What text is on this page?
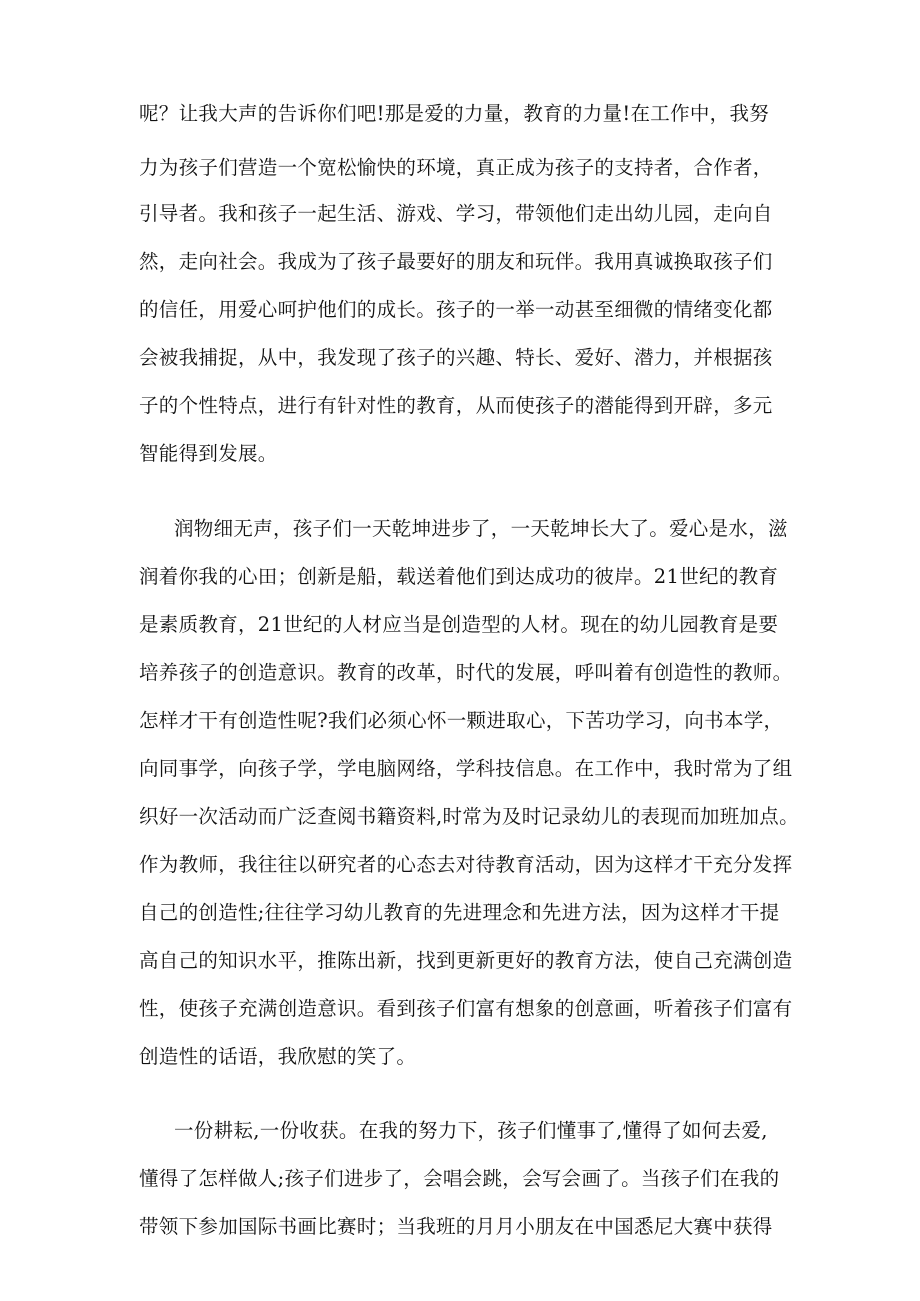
呢？让我大声的告诉你们吧!那是爱的力量，教育的力量!在工作中，我努
力为孩子们营造一个宽松愉快的环境，真正成为孩子的支持者，合作者，
引导者。我和孩子一起生活、游戏、学习，带领他们走出幼儿园，走向自
然，走向社会。我成为了孩子最要好的朋友和玩伴。我用真诚换取孩子们
的信任，用爱心呵护他们的成长。孩子的一举一动甚至细微的情绪变化都
会被我捕捉，从中，我发现了孩子的兴趣、特长、爱好、潜力，并根据孩
子的个性特点，进行有针对性的教育，从而使孩子的潜能得到开辟，多元
智能得到发展。
润物细无声，孩子们一天乾坤进步了，一天乾坤长大了。爱心是水，滋
润着你我的心田；创新是船，载送着他们到达成功的彼岸。21世纪的教育
是素质教育，21世纪的人材应当是创造型的人材。现在的幼儿园教育是要
培养孩子的创造意识。教育的改革，时代的发展，呼叫着有创造性的教师。
怎样才干有创造性呢?我们必须心怀一颗进取心，下苦功学习，向书本学，
向同事学，向孩子学，学电脑网络，学科技信息。在工作中，我时常为了组
织好一次活动而广泛查阅书籍资料,时常为及时记录幼儿的表现而加班加点。
作为教师，我往往以研究者的心态去对待教育活动，因为这样才干充分发挥
自己的创造性;往往学习幼儿教育的先进理念和先进方法，因为这样才干提
高自己的知识水平，推陈出新，找到更新更好的教育方法，使自己充满创造
性，使孩子充满创造意识。看到孩子们富有想象的创意画，听着孩子们富有
创造性的话语，我欣慰的笑了。
一份耕耘,一份收获。在我的努力下，孩子们懂事了,懂得了如何去爱,
懂得了怎样做人;孩子们进步了，会唱会跳，会写会画了。当孩子们在我的
带领下参加国际书画比赛时；当我班的月月小朋友在中国悉尼大赛中获得
